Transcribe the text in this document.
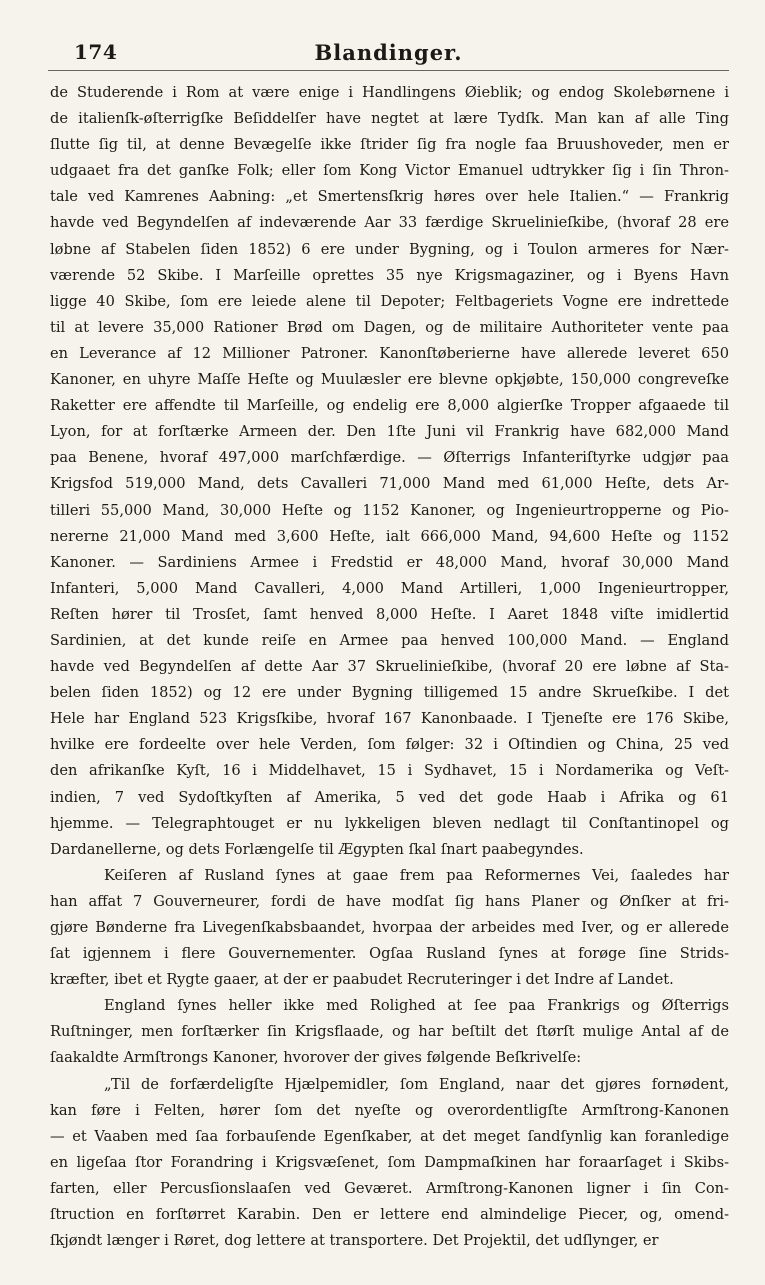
174	Blandinger.
de Studerende i Rom at være enige i Handlingens Øieblik; og endog Skolebørnene i
de italienſk-øſterrigſke Beſiddelſer have negtet at lære Tydſk. Man kan af alle Ting
ſlutte ſig til, at denne Bevægelſe ikke ſtrider ſig fra nogle faa Bruushoveder, men er
udgaaet fra det ganſke Folk; eller ſom Kong Victor Emanuel udtrykker ſig i ſin Thron-
tale ved Kamrenes Aabning: „et Smertensſkrig høres over hele Italien.“ — Frankrig
havde ved Begyndelſen af indeværende Aar 33 færdige Skruelinieſkibe, (hvoraf 28 ere
løbne af Stabelen ſiden 1852) 6 ere under Bygning, og i Toulon armeres for Nær-
værende 52 Skibe. I Marſeille oprettes 35 nye Krigsmagaziner, og i Byens Havn
ligge 40 Skibe, ſom ere leiede alene til Depoter; Feltbageriets Vogne ere indrettede
til at levere 35,000 Rationer Brød om Dagen, og de militaire Authoriteter vente paa
en Leverance af 12 Millioner Patroner. Kanonſtøberierne have allerede leveret 650
Kanoner, en uhyre Maſſe Heſte og Muulæsler ere blevne opkjøbte, 150,000 congreveſke
Raketter ere affendte til Marſeille, og endelig ere 8,000 algierſke Tropper afgaaede til
Lyon, for at forſtærke Armeen der. Den 1ſte Juni vil Frankrig have 682,000 Mand
paa Benene, hvoraf 497,000 marſchfærdige. — Øſterrigs Infanteriſtyrke udgjør paa
Krigsfod 519,000 Mand, dets Cavalleri 71,000 Mand med 61,000 Heſte, dets Ar-
tilleri 55,000 Mand, 30,000 Heſte og 1152 Kanoner, og Ingenieurtropperne og Pio-
nererne 21,000 Mand med 3,600 Heſte, ialt 666,000 Mand, 94,600 Heſte og 1152
Kanoner. — Sardiniens Armee i Fredstid er 48,000 Mand, hvoraf 30,000 Mand
Infanteri, 5,000 Mand Cavalleri, 4,000 Mand Artilleri, 1,000 Ingenieurtropper,
Reſten hører til Trosſet, ſamt henved 8,000 Heſte. I Aaret 1848 viſte imidlertid
Sardinien, at det kunde reiſe en Armee paa henved 100,000 Mand. — England
havde ved Begyndelſen af dette Aar 37 Skruelinieſkibe, (hvoraf 20 ere løbne af Sta-
belen ſiden 1852) og 12 ere under Bygning tilligemed 15 andre Skrueſkibe. I det
Hele har England 523 Krigsſkibe, hvoraf 167 Kanonbaade. I Tjeneſte ere 176 Skibe,
hvilke ere fordeelte over hele Verden, ſom følger: 32 i Oſtindien og China, 25 ved
den afrikanſke Kyſt, 16 i Middelhavet, 15 i Sydhavet, 15 i Nordamerika og Veſt-
indien, 7 ved Sydoſtkyſten af Amerika, 5 ved det gode Haab i Afrika og 61
hjemme. — Telegraphtouget er nu lykkeligen bleven nedlagt til Conſtantinopel og
Dardanellerne, og dets Forlængelſe til Ægypten ſkal ſnart paabegyndes.
Keiſeren af Rusland ſynes at gaae frem paa Reformernes Vei, ſaaledes har
han affat 7 Gouverneurer, fordi de have modſat ſig hans Planer og Ønſker at fri-
gjøre Bønderne fra Livegenſkabsbaandet, hvorpaa der arbeides med Iver, og er allerede
ſat igjennem i flere Gouvernementer. Ogſaa Rusland ſynes at forøge ſine Strids-
kræfter, ibet et Rygte gaaer, at der er paabudet Recruteringer i det Indre af Landet.
England ſynes heller ikke med Rolighed at ſee paa Frankrigs og Øſterrigs
Ruſtninger, men forſtærker ſin Krigsflaade, og har beſtilt det ſtørſt mulige Antal af de
ſaakaldte Armſtrongs Kanoner, hvorover der gives følgende Beſkrivelſe:
„Til de forfærdeligſte Hjælpemidler, ſom England, naar det gjøres fornødent,
kan føre i Felten, hører ſom det nyeſte og overordentligſte Armſtrong-Kanonen
— et Vaaben med ſaa forbauſende Egenſkaber, at det meget ſandſynlig kan foranledige
en ligeſaa ſtor Forandring i Krigsvæſenet, ſom Dampmaſkinen har foraarſaget i Skibs-
farten, eller Percusſionslaaſen ved Geværet. Armſtrong-Kanonen ligner i ſin Con-
ſtruction en forſtørret Karabin. Den er lettere end almindelige Piecer, og, omend-
ſkjøndt længer i Røret, dog lettere at transportere. Det Projektil, det udſlynger, er
